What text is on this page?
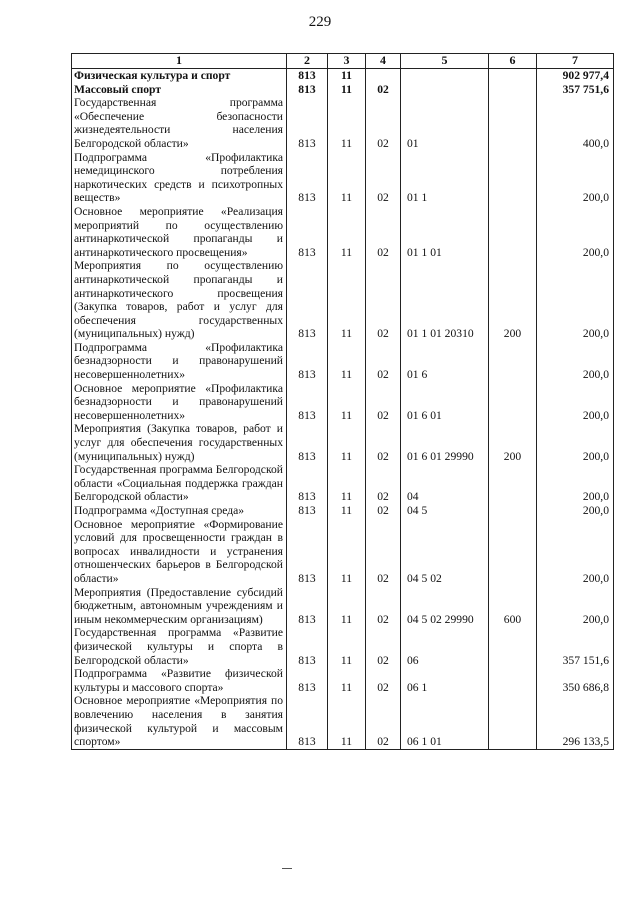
229
1	2	3	4	5	6	7
Физическая культура и спорт	813	11				902 977,4
Массовый спорт	813	11	02			357 751,6
Государственная программа «Обеспечение безопасности жизнедеятельности населения Белгородской области»	813	11	02	01		400,0
Подпрограмма «Профилактика немедицинского потребления наркотических средств и психотропных веществ»	813	11	02	01 1		200,0
Основное мероприятие «Реализация мероприятий по осуществлению антинаркотической пропаганды и антинаркотического просвещения»	813	11	02	01 1 01		200,0
Мероприятия по осуществлению антинаркотической пропаганды и антинаркотического просвещения (Закупка товаров, работ и услуг для обеспечения государственных (муниципальных) нужд)	813	11	02	01 1 01 20310	200	200,0
Подпрограмма «Профилактика безнадзорности и правонарушений несовершеннолетних»	813	11	02	01 6		200,0
Основное мероприятие «Профилактика безнадзорности и правонарушений несовершеннолетних»	813	11	02	01 6 01		200,0
Мероприятия (Закупка товаров, работ и услуг для обеспечения государственных (муниципальных) нужд)	813	11	02	01 6 01 29990	200	200,0
Государственная программа Белгородской области «Социальная поддержка граждан Белгородской области»	813	11	02	04		200,0
Подпрограмма «Доступная среда»	813	11	02	04 5		200,0
Основное мероприятие «Формирование условий для просвещенности граждан в вопросах инвалидности и устранения отношенческих барьеров в Белгородской области»	813	11	02	04 5 02		200,0
Мероприятия (Предоставление субсидий бюджетным, автономным учреждениям и иным некоммерческим организациям)	813	11	02	04 5 02 29990	600	200,0
Государственная программа «Развитие физической культуры и спорта в Белгородской области»	813	11	02	06		357 151,6
Подпрограмма «Развитие физической культуры и массового спорта»	813	11	02	06 1		350 686,8
Основное мероприятие «Мероприятия по вовлечению населения в занятия физической культурой и массовым спортом»	813	11	02	06 1 01		296 133,5
